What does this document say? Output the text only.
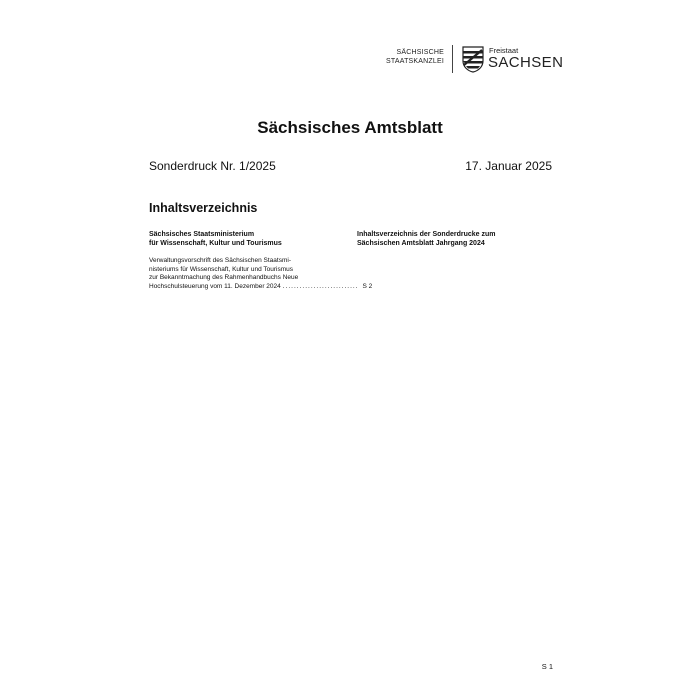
SÄCHSISCHE
STAATSKANZLEI
Freistaat
SACHSEN
Sächsisches Amtsblatt
Sonderdruck Nr. 1/2025	17. Januar 2025
Inhaltsverzeichnis
Sächsisches Staatsministerium
für Wissenschaft, Kultur und Tourismus
Verwaltungsvorschrift des Sächsischen Staatsmi-
nisteriums für Wissenschaft, Kultur und Tourismus
zur Bekanntmachung des Rahmenhandbuchs Neue
Hochschulsteuerung vom 11. Dezember 2024 ........................... S 2
Inhaltsverzeichnis der Sonderdrucke zum
Sächsischen Amtsblatt Jahrgang 2024
S 1
